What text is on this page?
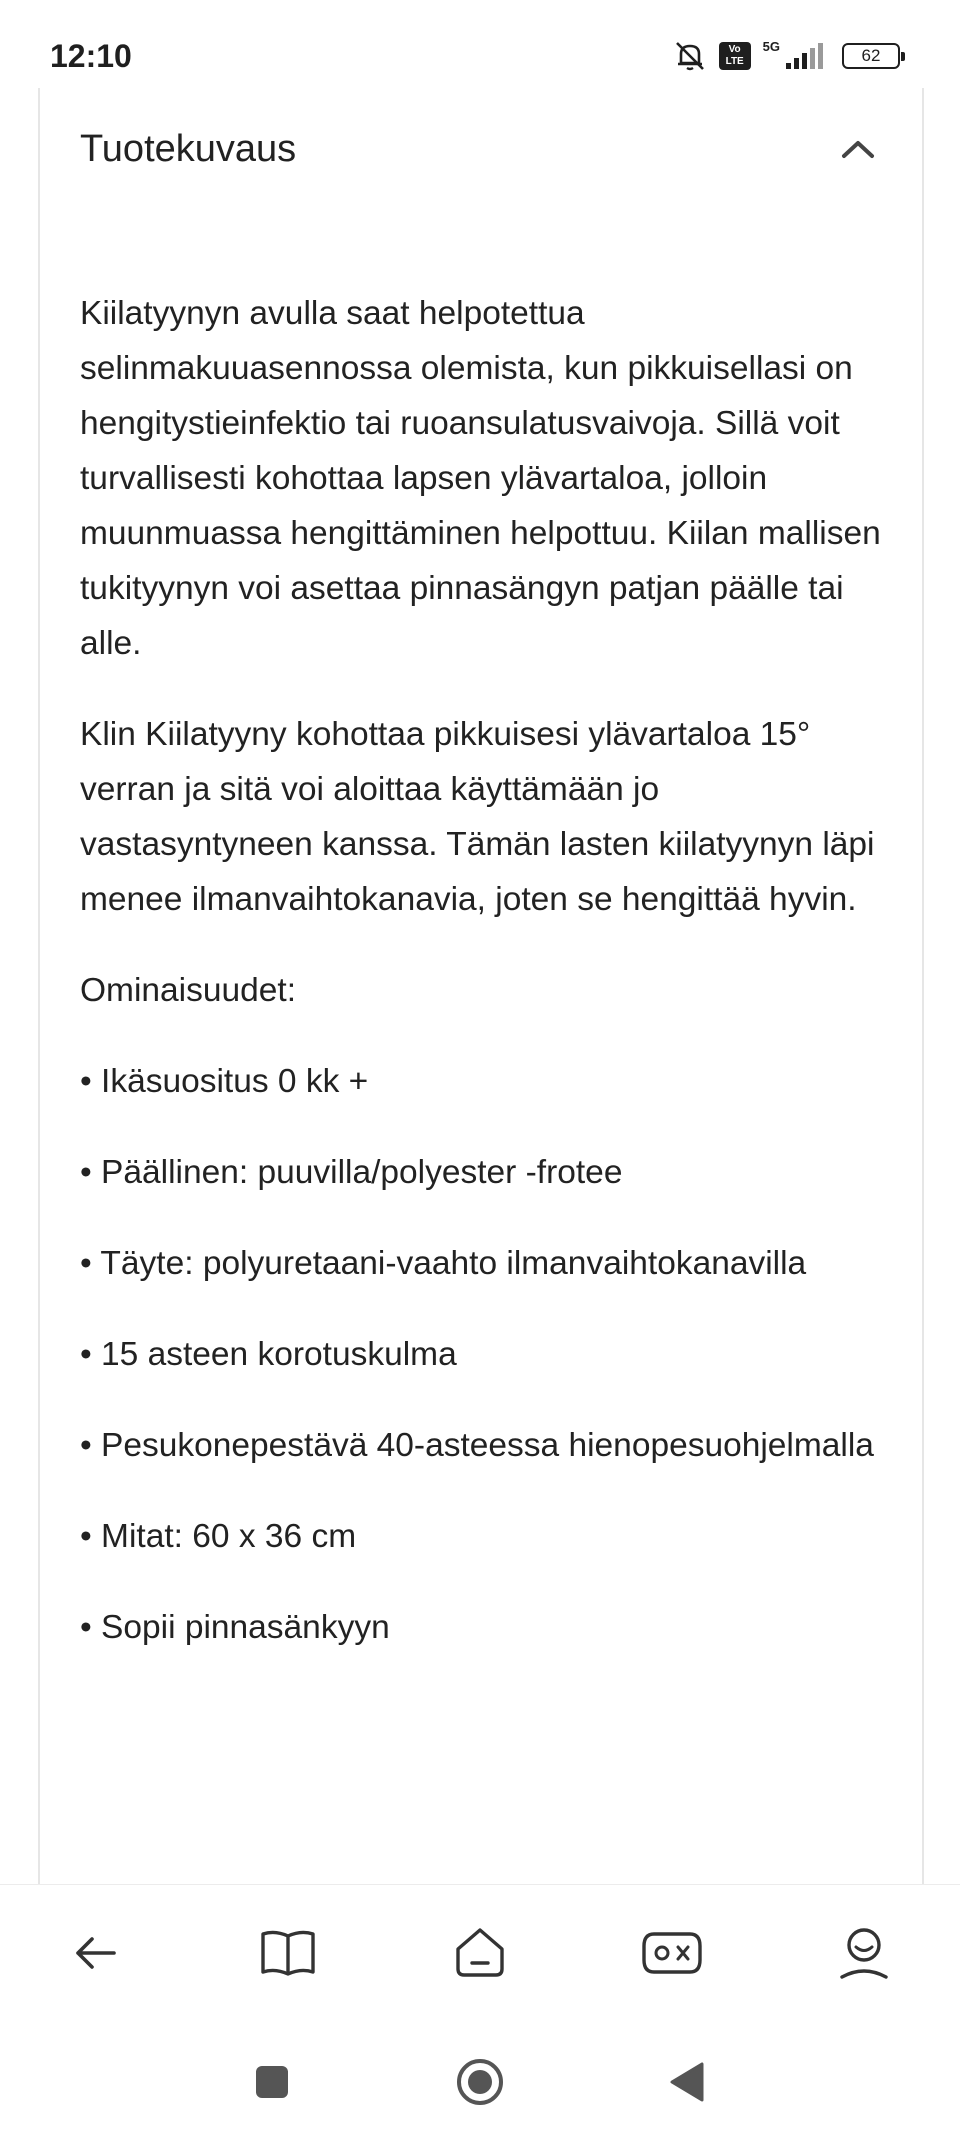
12:10	Vo LTE
5G	62
Tuotekuvaus

Kiilatyynyn avulla saat helpotettua selinmakuuasennossa olemista, kun pikkuisellasi on hengitystieinfektio tai ruoansulatusvaivoja. Sillä voit turvallisesti kohottaa lapsen ylävartaloa, jolloin muunmuassa hengittäminen helpottuu. Kiilan mallisen tukityynyn voi asettaa pinnasängyn patjan päälle tai alle.

Klin Kiilatyyny kohottaa pikkuisesi ylävartaloa 15° verran ja sitä voi aloittaa käyttämään jo vastasyntyneen kanssa. Tämän lasten kiilatyynyn läpi menee ilmanvaihtokanavia, joten se hengittää hyvin.

Ominaisuudet:

• Ikäsuositus 0 kk +

• Päällinen: puuvilla/polyester -frotee

• Täyte: polyuretaani-vaahto ilmanvaihtokanavilla

• 15 asteen korotuskulma

• Pesukonepestävä 40-asteessa hienopesuohjelmalla

• Mitat: 60 x 36 cm

• Sopii pinnasänkyyn
